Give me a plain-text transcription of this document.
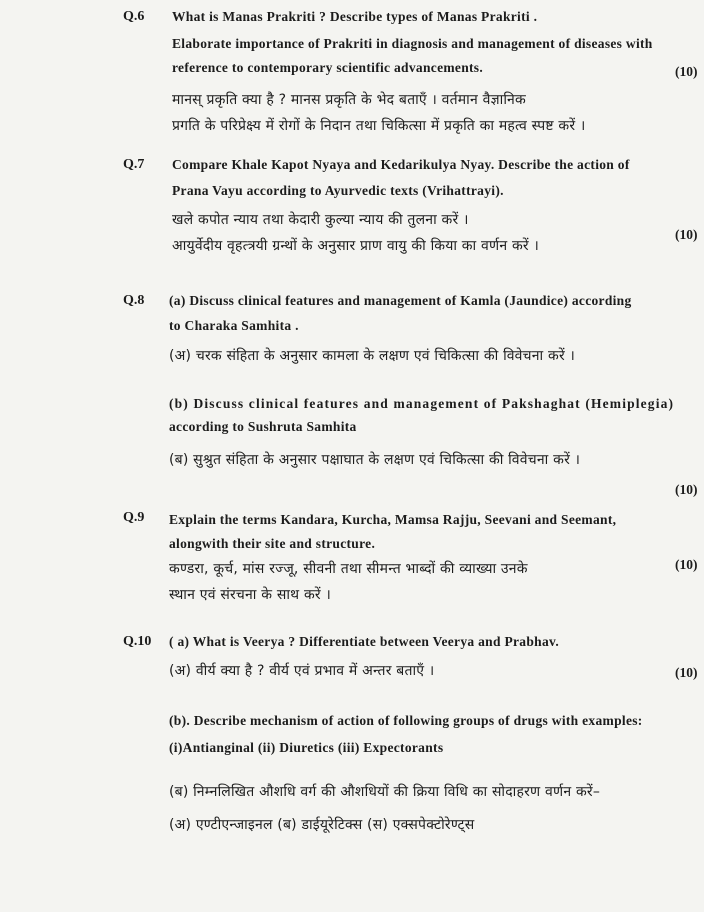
Q.6 What is Manas Prakriti ? Describe types of Manas Prakriti .
Elaborate importance of Prakriti in diagnosis and management of diseases with
reference to contemporary scientific advancements.	(10)
मानस् प्रकृति क्या है ? मानस प्रकृति के भेद बताएँ । वर्तमान वैज्ञानिक
प्रगति के परिप्रेक्ष्य में रोगों के निदान तथा चिकित्सा में प्रकृति का महत्व स्पष्ट करें ।
Q.7 Compare Khale Kapot Nyaya and Kedarikulya Nyay. Describe the action of
Prana Vayu according to Ayurvedic texts (Vrihattrayi).
खले कपोत न्याय तथा केदारी कुल्या न्याय की तुलना करें ।
आयुर्वेदीय वृहत्त्रयी ग्रन्थों के अनुसार प्राण वायु की किया का वर्णन करें ।
(10)
Q.8 (a) Discuss clinical features and management of Kamla (Jaundice) according
to Charaka Samhita .
(अ) चरक संहिता के अनुसार कामला के लक्षण एवं चिकित्सा की विवेचना करें ।
(b) Discuss clinical features and management of Pakshaghat (Hemiplegia)
according to Sushruta Samhita
(ब) सुश्रुत संहिता के अनुसार पक्षाघात के लक्षण एवं चिकित्सा की विवेचना करें ।
(10)
Q.9 Explain the terms Kandara, Kurcha, Mamsa Rajju, Seevani and Seemant,
alongwith their site and structure.
कण्डरा, कूर्च, मांस रज्जू, सीवनी तथा सीमन्त भाब्दों की व्याख्या उनके
स्थान एवं संरचना के साथ करें ।
(10)
Q.10 ( a) What is Veerya ? Differentiate between Veerya and Prabhav.
(अ) वीर्य क्या है ? वीर्य एवं प्रभाव में अन्तर बताएँ ।	(10)
(b). Describe mechanism of action of following groups of drugs with examples:
(i)Antianginal (ii) Diuretics (iii) Expectorants
(ब) निम्नलिखित औशधि वर्ग की औशधियों की क्रिया विधि का सोदाहरण वर्णन करें–
(अ) एण्टीएन्जाइनल (ब) डाईयूरेटिक्स (स) एक्सपेक्टोरेण्ट्स
